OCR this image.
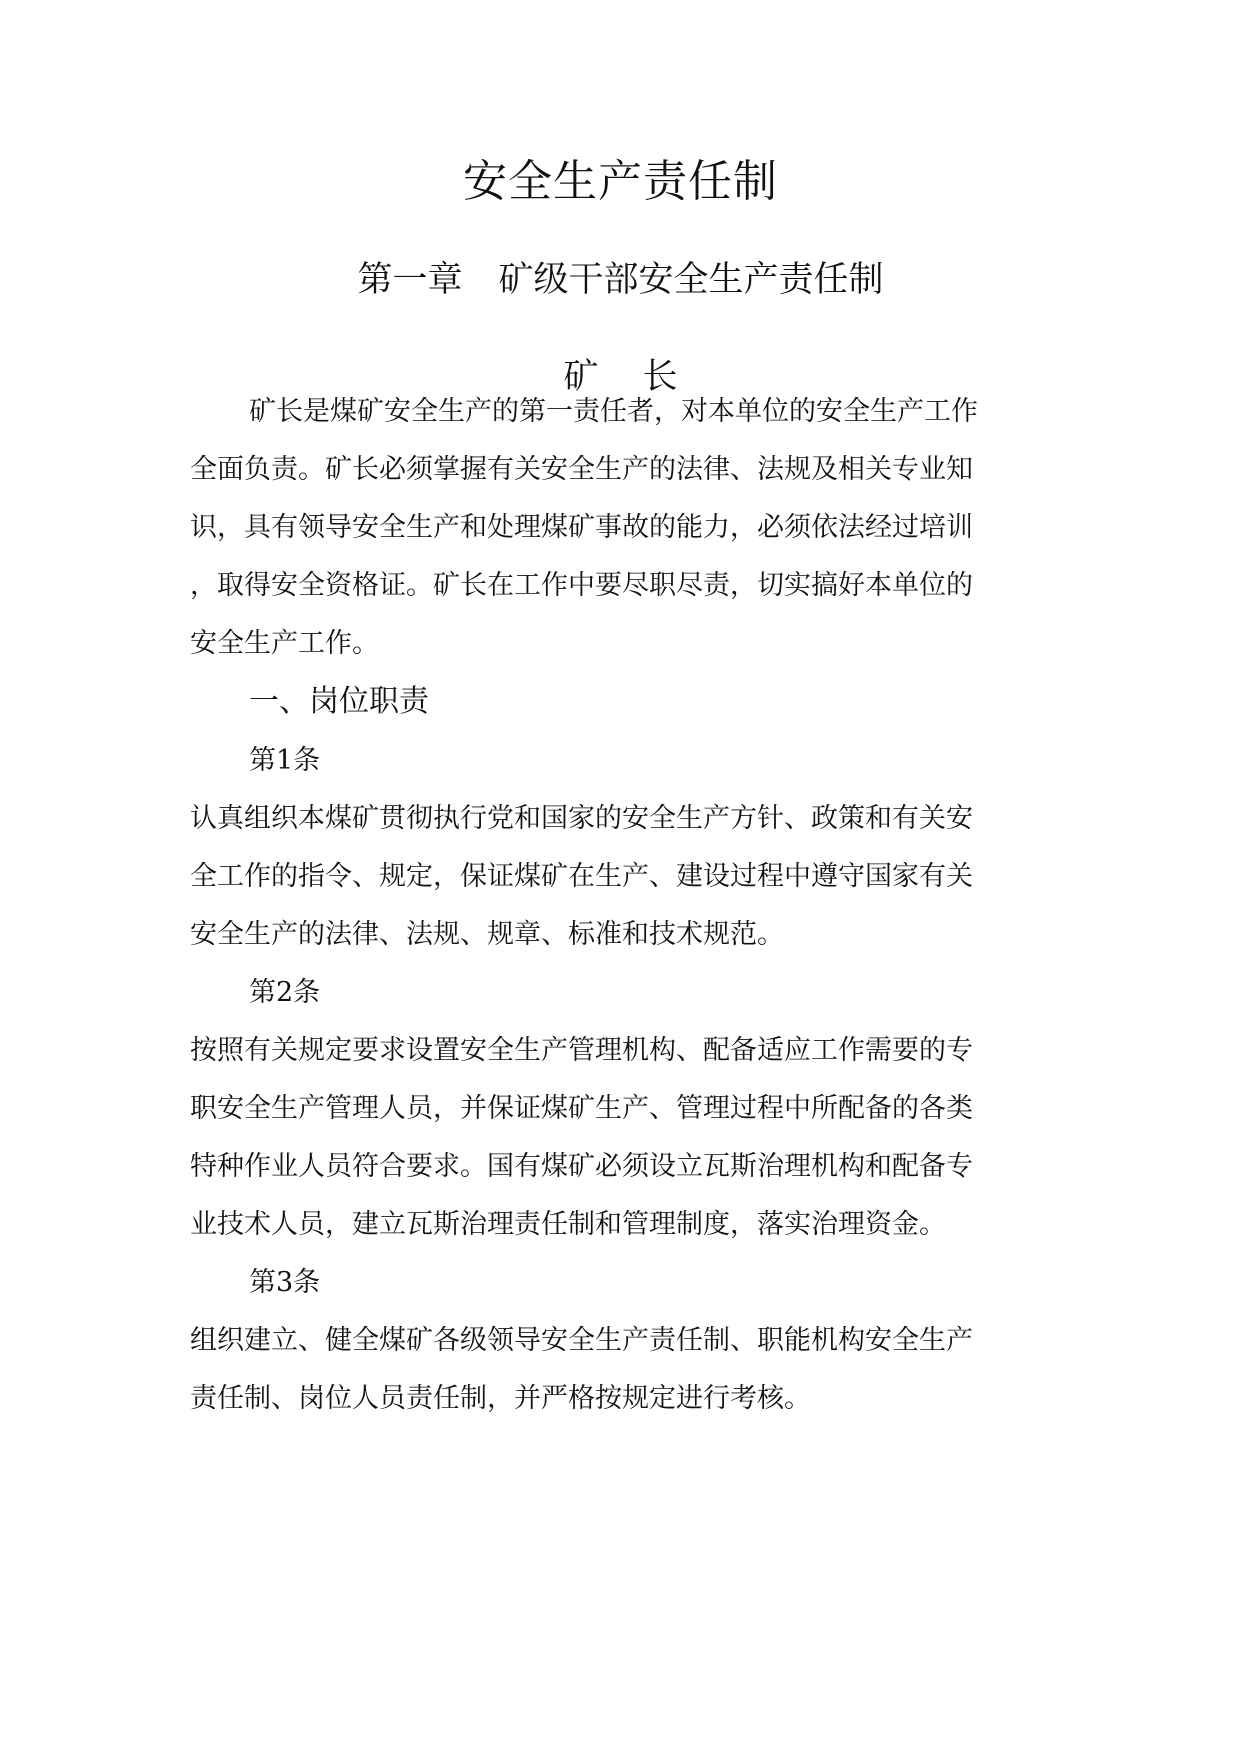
安全生产责任制
第一章 矿级干部安全生产责任制
矿长
矿长是煤矿安全生产的第一责任者，对本单位的安全生产工作
全面负责。矿长必须掌握有关安全生产的法律、法规及相关专业知
识，具有领导安全生产和处理煤矿事故的能力，必须依法经过培训
，取得安全资格证。矿长在工作中要尽职尽责，切实搞好本单位的
安全生产工作。
一、岗位职责
第1条
认真组织本煤矿贯彻执行党和国家的安全生产方针、政策和有关安
全工作的指令、规定，保证煤矿在生产、建设过程中遵守国家有关
安全生产的法律、法规、规章、标准和技术规范。
第2条
按照有关规定要求设置安全生产管理机构、配备适应工作需要的专
职安全生产管理人员，并保证煤矿生产、管理过程中所配备的各类
特种作业人员符合要求。国有煤矿必须设立瓦斯治理机构和配备专
业技术人员，建立瓦斯治理责任制和管理制度，落实治理资金。
第3条
组织建立、健全煤矿各级领导安全生产责任制、职能机构安全生产
责任制、岗位人员责任制，并严格按规定进行考核。
